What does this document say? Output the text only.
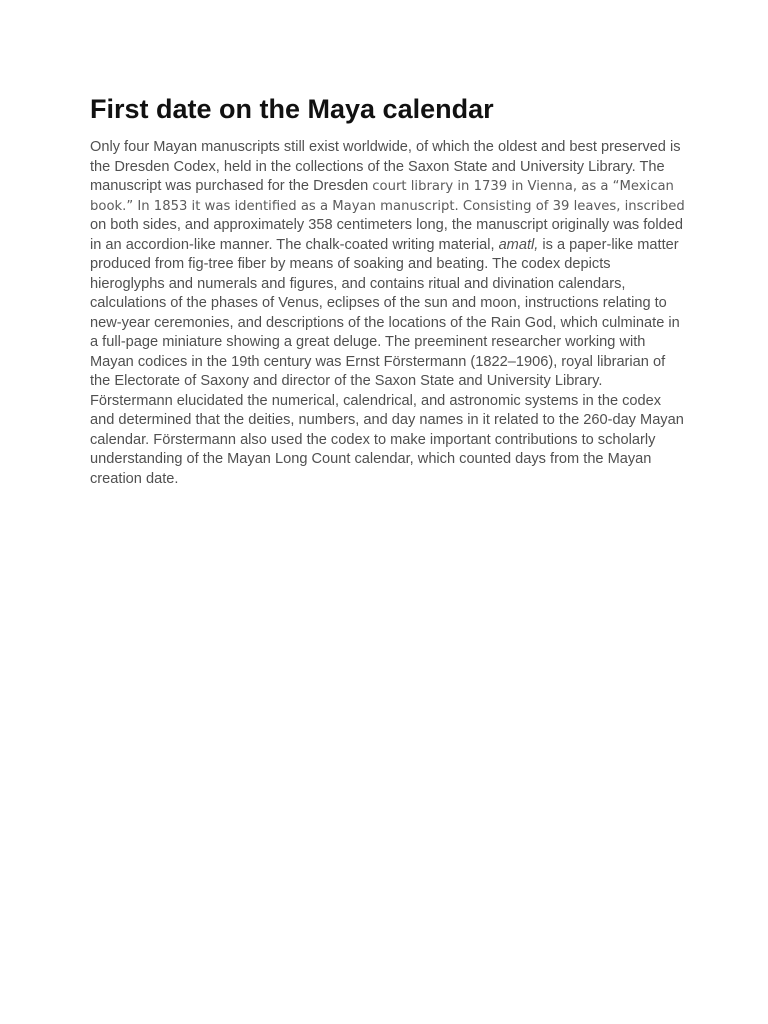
First date on the Maya calendar
Only four Mayan manuscripts still exist worldwide, of which the oldest and best preserved is
the Dresden Codex, held in the collections of the Saxon State and University Library. The
manuscript was purchased for the Dresden court library in 1739 in Vienna, as a “Mexican
book.” In 1853 it was identified as a Mayan manuscript. Consisting of 39 leaves, inscribed
on both sides, and approximately 358 centimeters long, the manuscript originally was folded
in an accordion-like manner. The chalk-coated writing material, amatl, is a paper-like matter
produced from fig-tree fiber by means of soaking and beating. The codex depicts
hieroglyphs and numerals and figures, and contains ritual and divination calendars,
calculations of the phases of Venus, eclipses of the sun and moon, instructions relating to
new-year ceremonies, and descriptions of the locations of the Rain God, which culminate in
a full-page miniature showing a great deluge. The preeminent researcher working with
Mayan codices in the 19th century was Ernst Förstermann (1822–1906), royal librarian of
the Electorate of Saxony and director of the Saxon State and University Library.
Förstermann elucidated the numerical, calendrical, and astronomic systems in the codex
and determined that the deities, numbers, and day names in it related to the 260-day Mayan
calendar. Förstermann also used the codex to make important contributions to scholarly
understanding of the Mayan Long Count calendar, which counted days from the Mayan
creation date.
